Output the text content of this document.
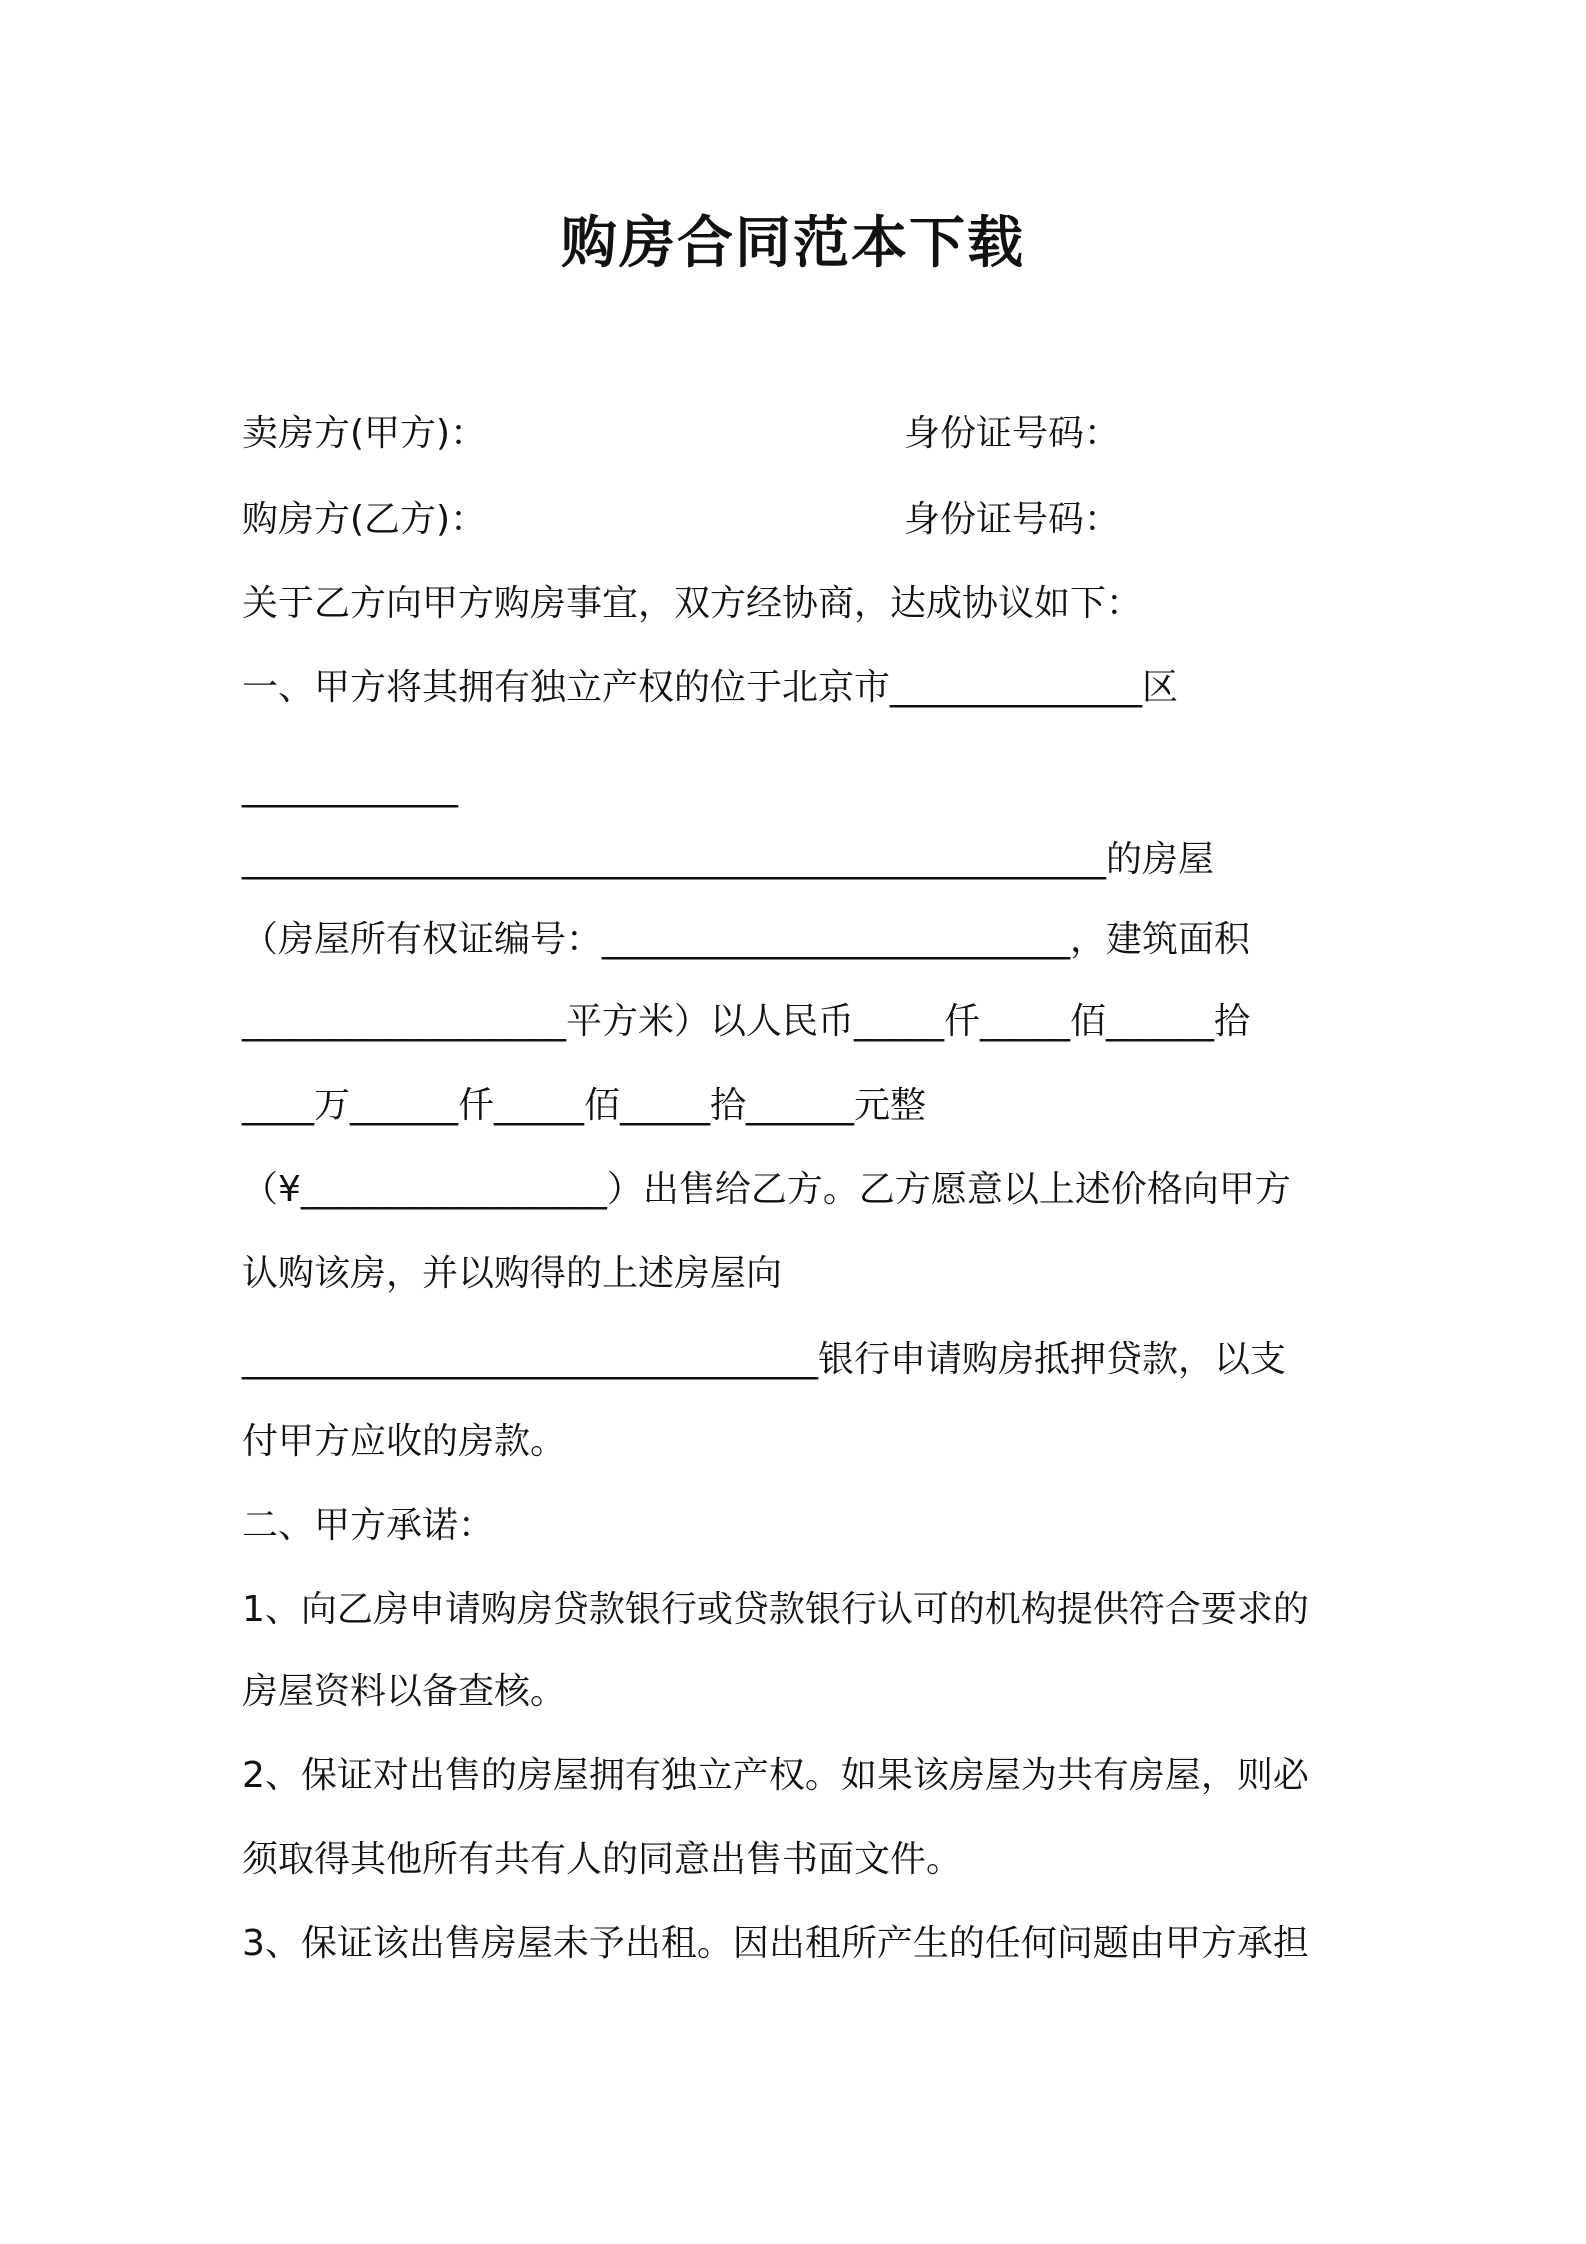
购房合同范本下载
卖房方(甲方)：	身份证号码：
购房方(乙方)：	身份证号码：
关于乙方向甲方购房事宜，双方经协商，达成协议如下：
一、甲方将其拥有独立产权的位于北京市______________区
____________
________________________________________________的房屋
（房屋所有权证编号：__________________________，建筑面积
__________________平方米）以人民币_____仟_____佰______拾
____万______仟_____佰_____拾______元整
（¥_________________）出售给乙方。乙方愿意以上述价格向甲方
认购该房，并以购得的上述房屋向
________________________________银行申请购房抵押贷款，以支
付甲方应收的房款。
二、甲方承诺：
1、向乙房申请购房贷款银行或贷款银行认可的机构提供符合要求的
房屋资料以备查核。
2、保证对出售的房屋拥有独立产权。如果该房屋为共有房屋，则必
须取得其他所有共有人的同意出售书面文件。
3、保证该出售房屋未予出租。因出租所产生的任何问题由甲方承担
